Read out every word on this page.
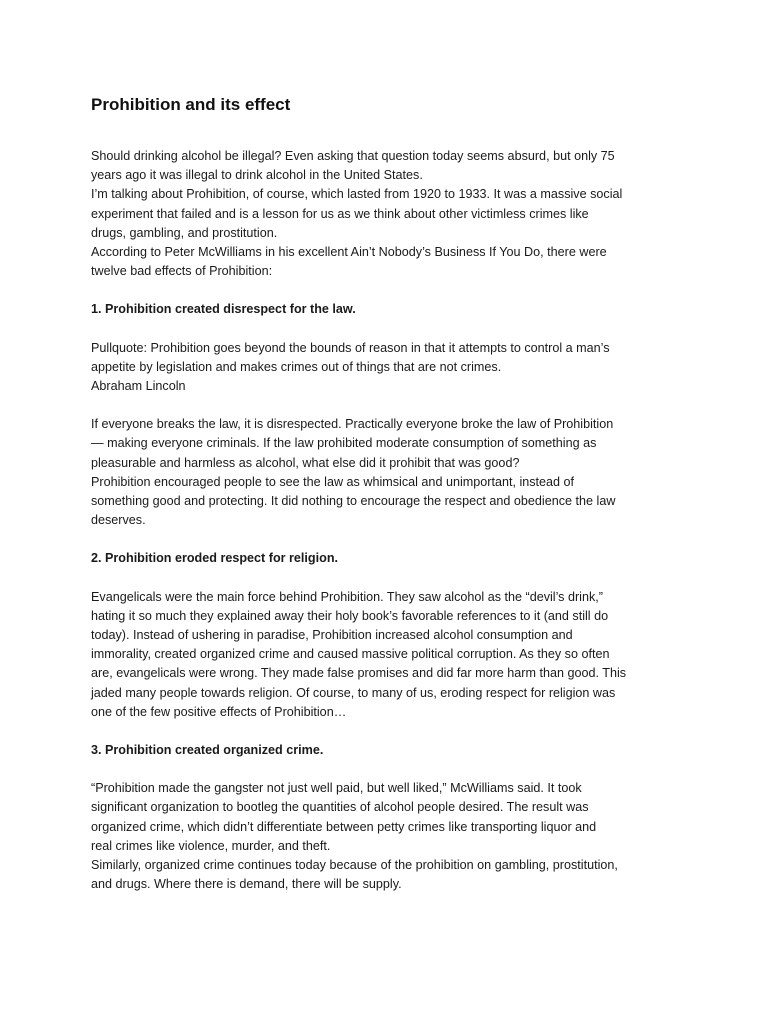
Prohibition and its effect
Should drinking alcohol be illegal? Even asking that question today seems absurd, but only 75
years ago it was illegal to drink alcohol in the United States.
I’m talking about Prohibition, of course, which lasted from 1920 to 1933. It was a massive social
experiment that failed and is a lesson for us as we think about other victimless crimes like
drugs, gambling, and prostitution.
According to Peter McWilliams in his excellent Ain’t Nobody’s Business If You Do, there were
twelve bad effects of Prohibition:
1. Prohibition created disrespect for the law.
Pullquote: Prohibition goes beyond the bounds of reason in that it attempts to control a man’s
appetite by legislation and makes crimes out of things that are not crimes.
Abraham Lincoln
If everyone breaks the law, it is disrespected. Practically everyone broke the law of Prohibition
— making everyone criminals. If the law prohibited moderate consumption of something as
pleasurable and harmless as alcohol, what else did it prohibit that was good?
Prohibition encouraged people to see the law as whimsical and unimportant, instead of
something good and protecting. It did nothing to encourage the respect and obedience the law
deserves.
2. Prohibition eroded respect for religion.
Evangelicals were the main force behind Prohibition. They saw alcohol as the “devil’s drink,”
hating it so much they explained away their holy book’s favorable references to it (and still do
today). Instead of ushering in paradise, Prohibition increased alcohol consumption and
immorality, created organized crime and caused massive political corruption. As they so often
are, evangelicals were wrong. They made false promises and did far more harm than good. This
jaded many people towards religion. Of course, to many of us, eroding respect for religion was
one of the few positive effects of Prohibition…
3. Prohibition created organized crime.
“Prohibition made the gangster not just well paid, but well liked,” McWilliams said. It took
significant organization to bootleg the quantities of alcohol people desired. The result was
organized crime, which didn’t differentiate between petty crimes like transporting liquor and
real crimes like violence, murder, and theft.
Similarly, organized crime continues today because of the prohibition on gambling, prostitution,
and drugs. Where there is demand, there will be supply.
